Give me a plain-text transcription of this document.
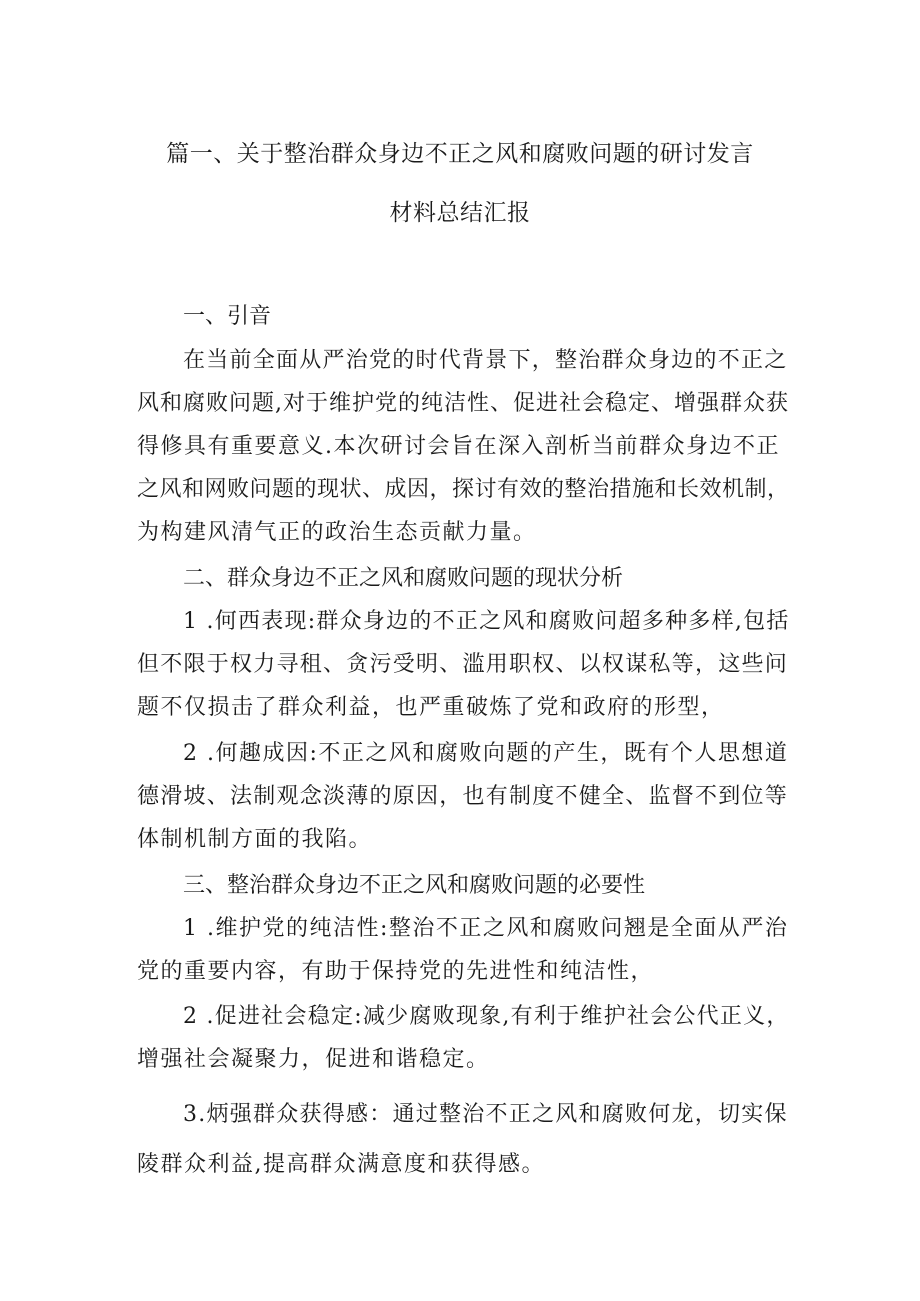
篇一、关于整治群众身边不正之风和腐败问题的研讨发言
材料总结汇报
一、引音
在当前全面从严治党的时代背景下，整治群众身边的不正之
风和腐败问题,对于维护党的纯洁性、促进社会稳定、增强群众获
得修具有重要意义.本次研讨会旨在深入剖析当前群众身边不正
之风和网败问题的现状、成因，探讨有效的整治措施和长效机制，
为构建风清气正的政治生态贡献力量。
二、群众身边不正之风和腐败问题的现状分析
1 .何西表现:群众身边的不正之风和腐败问超多种多样,包括
但不限于权力寻租、贪污受明、滥用职权、以权谋私等，这些问
题不仅损击了群众利益，也严重破炼了党和政府的形型，
2 .何趣成因:不正之风和腐败向题的产生，既有个人思想道
德滑坡、法制观念淡薄的原因，也有制度不健全、监督不到位等
体制机制方面的我陷。
三、整治群众身边不正之风和腐败问题的必要性
1 .维护党的纯洁性:整治不正之风和腐败问翘是全面从严治
党的重要内容，有助于保持党的先进性和纯洁性，
2 .促进社会稳定:减少腐败现象,有利于维护社会公代正义，
增强社会凝聚力，促进和谐稳定。
3.炳强群众获得感：通过整治不正之风和腐败何龙，切实保
陵群众利益,提高群众满意度和获得感。
